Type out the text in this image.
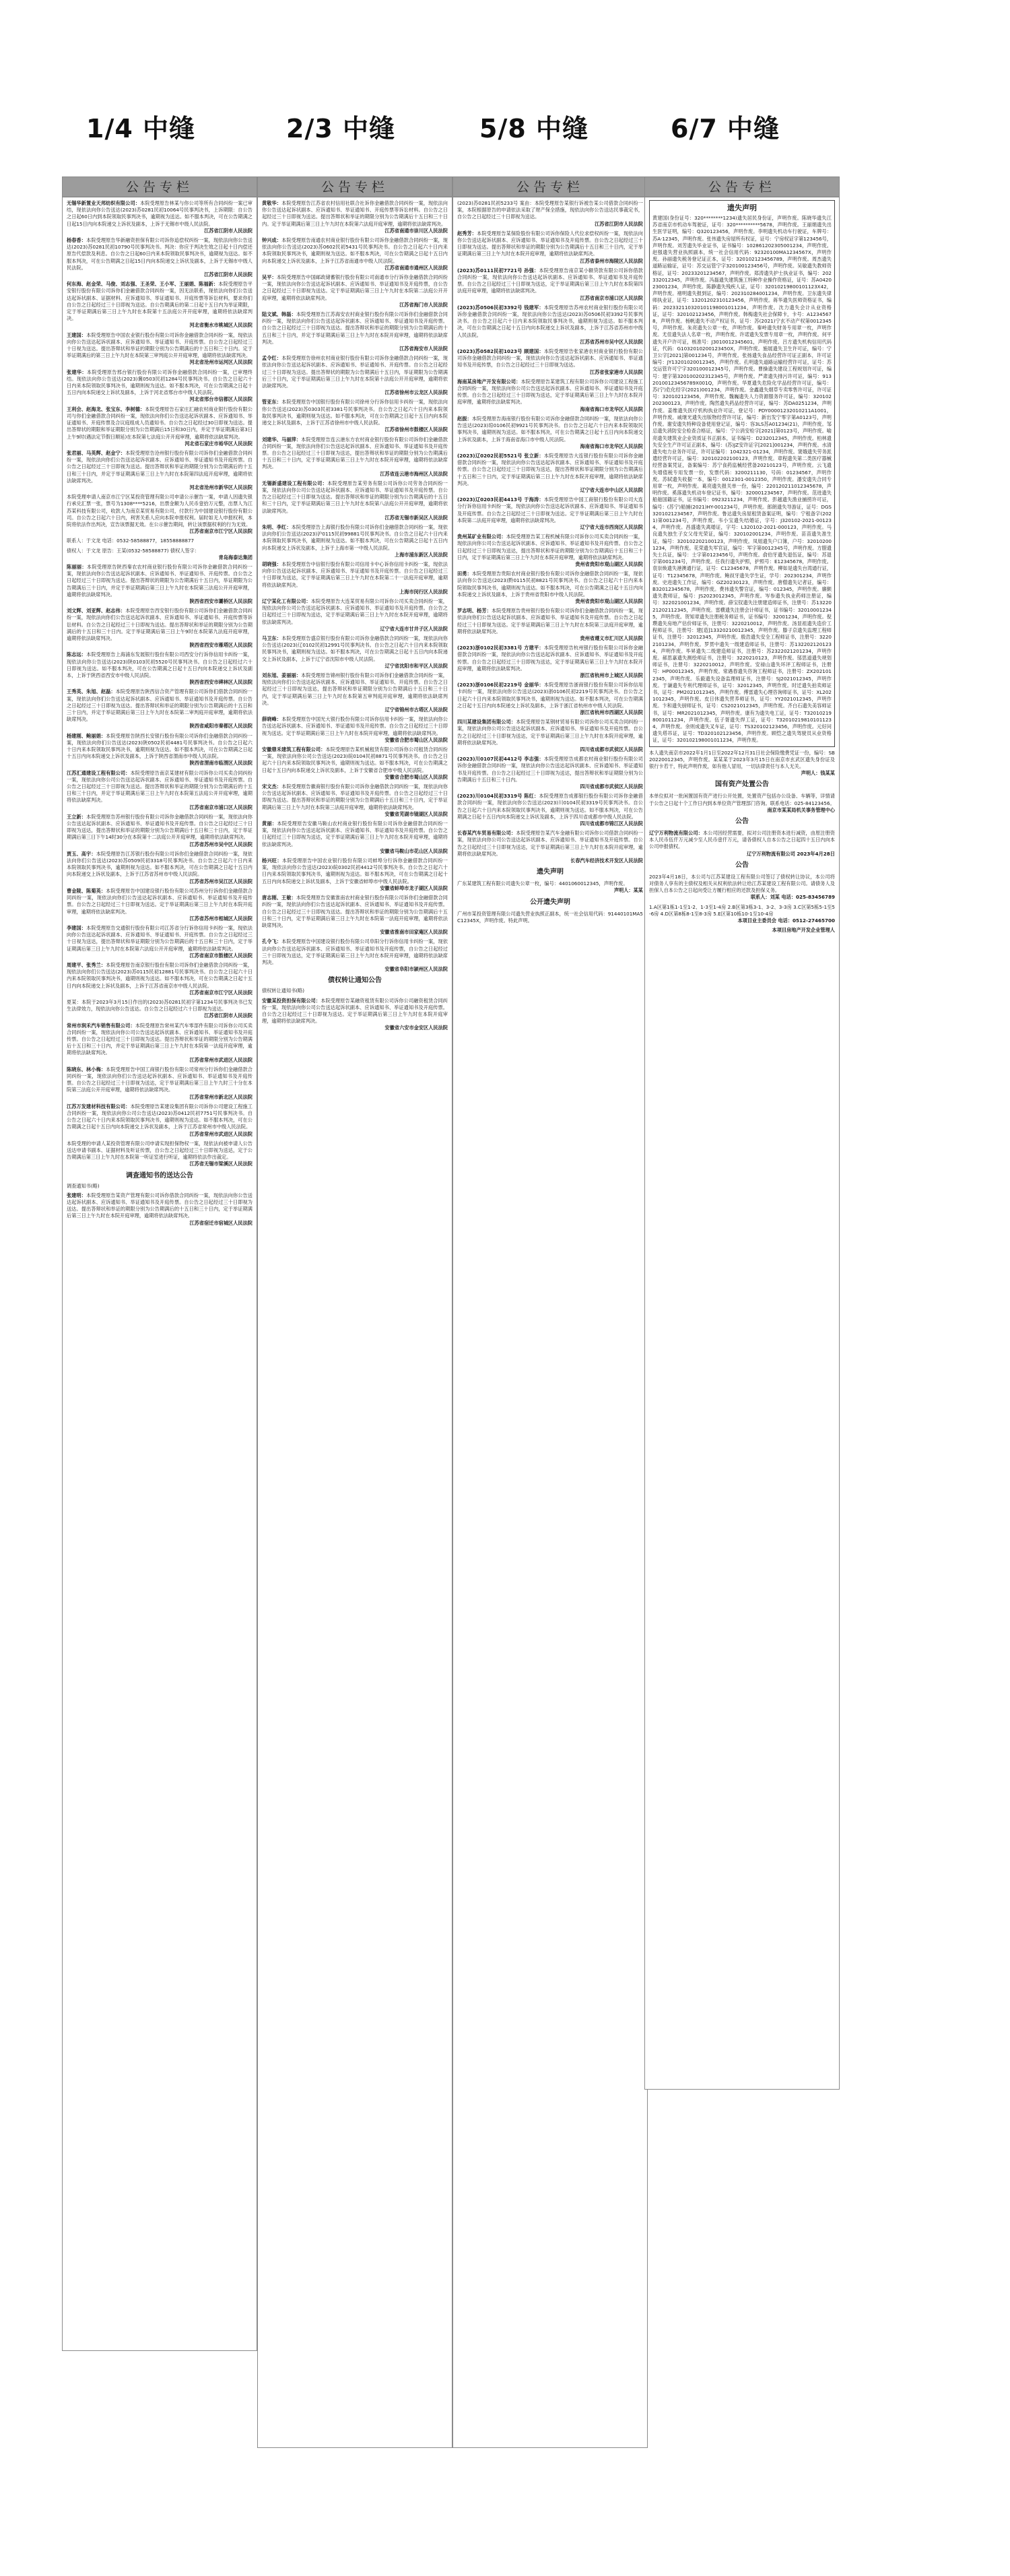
1/4 中缝	2/3 中缝	5/8 中缝	6/7 中缝
公告专栏
无锡华新置业天邦纺织有限公司：本院受理原告林某与你公司等所有合同纠纷一案已审结，现依法向你公告送达(2023)苏0281民初10064号民事判决书，上诉期限：自公告之日起60日内到本院领取民事判决书，逾期视为送达。如不服本判决，可在公告期满之日起15日内向本院递交上诉状及副本，上诉于无锡市中级人民法院。
江苏省江阴市人民法院
杨春香：本院受理原告华新融资担保有限公司诉你追偿权纠纷一案，现依法向你公告送达(2023)苏0281民初10790号民事判决书。判决：你应于判决生效之日起十日内偿还原告代偿款及利息。自公告之日起60日内来本院领取民事判决书，逾期视为送达。如不服本判决，可在公告期满之日起15日内向本院递交上诉状及副本，上诉于无锡市中级人民法院。
江苏省江阴市人民法院
何东海、赵金荣、马俊、刘志强、王圣荣、王小军、王丽娟、陈福新：本院受理原告平安银行股份有限公司诉你们金融借款合同纠纷一案，因无法联系，现依法向你们公告送达起诉状副本、证据材料、应诉通知书、举证通知书、开庭传票等诉讼材料，要求你们自公告之日起经过三十日即视为送达。自公告期满后的第二日起十五日内为举证期限，定于举证期满后第三日上午九时在本院第十五法庭公开开庭审理，逾期将依法缺席判决。
河北省衡水市桃城区人民法院
王建国：本院受理原告中国农业银行股份有限公司诉你金融借款合同纠纷一案，现依法向你公告送达起诉状副本、应诉通知书、举证通知书、开庭传票。自公告之日起经过三十日视为送达。提出答辩状和举证的期限分别为公告期满后的十五日和三十日内。定于举证期满后的第三日上午九时在本院第三审判庭公开开庭审理，逾期将依法缺席判决。
河北省沧州市运河区人民法院
张建华：本院受理原告邢台银行股份有限公司诉你金融借款合同纠纷一案，已审理终结。现依法向你公告送达(2023)冀0503民初1284号民事判决书。自公告之日起六十日内来本院领取民事判决书，逾期则视为送达。如不服本判决，可在公告期满之日起十五日内向本院递交上诉状及副本，上诉于河北省邢台市中级人民法院。
河北省邢台市信都区人民法院
王利会、赵海龙、张宝东、李树德：本院受理原告石家庄汇融农村商业银行股份有限公司与你们金融借款合同纠纷一案，现依法向你们公告送达起诉状副本、应诉通知书、举证通知书、开庭传票及合议庭组成人员通知书。自公告之日起经过30日即视为送达。提出答辩状的期限和举证期限分别为公告期满后15日和30日内，并定于举证期满后第3日上午9时(遇法定节假日顺延)在本院第七法庭公开开庭审理，逾期将依法缺席判决。
河北省石家庄市裕华区人民法院
张君丽、马英辉、赵金宁：本院受理原告沧州银行股份有限公司诉你们金融借款合同纠纷一案，现依法向你们公告送达起诉状副本、应诉通知书、举证通知书及开庭传票。自公告之日起经过三十日即视为送达。提出答辩状和举证的期限分别为公告期满后的十五日和三十日内，并定于举证期满后第三日上午九时在本院第四法庭开庭审理，逾期将依法缺席判决。
河北省沧州市新华区人民法院
本院受理申请人南京市江宁区某投资管理有限公司申请公示催告一案，申请人因遗失银行承兑汇票一张，票号为1308****5216，出票金额为人民币壹拾万元整，出票人为江苏某科技有限公司，收款人为南京某贸易有限公司，付款行为中国建设银行股份有限公司。自公告之日起六十日内，利害关系人应向本院申报权利。届时如无人申报权利，本院将依法作出判决，宣告该票据无效。在公示催告期间，转让该票据权利的行为无效。
江苏省南京市江宁区人民法院
联系人：于文龙 电话：0532-58588877，18558888877
债权人：于文龙 原告：王某(0532-58588877) 债权人签字：
青岛海泰达集团
陈丽丽：本院受理原告陕西秦农农村商业银行股份有限公司诉你金融借款合同纠纷一案，现依法向你公告送达起诉状副本、应诉通知书、举证通知书、开庭传票。自公告之日起经过三十日即视为送达。提出答辩状的期限为公告期满后十五日内，举证期限为公告期满后三十日内，并定于举证期满后第三日上午九时在本院第三法庭公开开庭审理，逾期将依法缺席判决。
陕西省西安市灞桥区人民法院
刘文辉、刘亚辉、赵志伟：本院受理原告西安银行股份有限公司诉你们金融借款合同纠纷一案，现依法向你们公告送达起诉状副本、应诉通知书、举证通知书、开庭传票等诉讼材料。自公告之日起经过三十日即视为送达。提出答辩状和举证的期限分别为公告期满后的十五日和三十日内。定于举证期满后第三日上午9时在本院第九法庭开庭审理，逾期将依法缺席判决。
陕西省西安市雁塔区人民法院
陈志远：本院受理原告上海浦东发展银行股份有限公司西安分行诉你信用卡纠纷一案，现依法向你公告送达(2023)陕0103民初5520号民事判决书。自公告之日起经过六十日即视为送达。如不服本判决，可在公告期满之日起十五日内向本院递交上诉状及副本，上诉于陕西省西安市中级人民法院。
陕西省西安市碑林区人民法院
王秀英、朱旭、赵磊：本院受理原告陕西信合资产管理有限公司诉你们借款合同纠纷一案，现依法向你们公告送达起诉状副本、应诉通知书、举证通知书及开庭传票。自公告之日起经过三十日即视为送达。提出答辩状和举证的期限分别为公告期满后的十五日和三十日内，并定于举证期满后第三日上午九时在本院第二审判庭开庭审理，逾期将依法缺席判决。
陕西省咸阳市秦都区人民法院
杨建刚、鲍丽娟：本院受理原告陕西长安银行股份有限公司诉你们金融借款合同纠纷一案，现依法向你们公告送达(2023)陕0502民初4481号民事判决书。自公告之日起六十日内来本院领取民事判决书，逾期则视为送达。如不服本判决，可在公告期满之日起十五日内向本院递交上诉状及副本，上诉于陕西省渭南市中级人民法院。
陕西省渭南市临渭区人民法院
江苏汇通建设工程有限公司：本院受理原告南京某建材有限公司诉你公司买卖合同纠纷一案，现依法向你公司公告送达起诉状副本、应诉通知书、举证通知书及开庭传票。自公告之日起经过三十日即视为送达。提出答辩状和举证的期限分别为公告期满后的十五日和三十日内，并定于举证期满后第三日上午九时在本院第五法庭公开开庭审理，逾期将依法缺席判决。
江苏省南京市浦口区人民法院
王立新：本院受理原告苏州银行股份有限公司诉你金融借款合同纠纷一案，现依法向你公告送达起诉状副本、应诉通知书、举证通知书及开庭传票。自公告之日起经过三十日即视为送达，提出答辩状和举证的期限分别为公告期满后十五日和三十日内，定于举证期满后第三日下午14时30分在本院第十二法庭公开开庭审理，逾期将依法缺席判决。
江苏省苏州市吴中区人民法院
贾玉、高宇：本院受理原告江苏银行股份有限公司诉你们金融借款合同纠纷一案，现依法向你们公告送达(2023)苏0509民初3318号民事判决书。自公告之日起六十日内来本院领取民事判决书，逾期则视为送达。如不服本判决，可在公告期满之日起十五日内向本院递交上诉状及副本，上诉于江苏省苏州市中级人民法院。
江苏省苏州市吴江区人民法院
曹金陵、陈菊英：本院受理原告中国建设银行股份有限公司苏州分行诉你们金融借款合同纠纷一案，现依法向你们公告送达起诉状副本、应诉通知书、举证通知书及开庭传票。自公告之日起经过三十日即视为送达。定于举证期满后第三日上午九时在本院开庭审理，逾期将依法缺席判决。
江苏省苏州市相城区人民法院
李建国：本院受理原告交通银行股份有限公司江苏省分行诉你信用卡纠纷一案，现依法向你公告送达起诉状副本、应诉通知书、举证通知书、开庭传票。自公告之日起经过三十日视为送达，提出答辩状和举证期限分别为公告期满后的十五日和三十日内，定于举证期满后第三日上午九时在本院第六法庭公开开庭审理，逾期将依法缺席判决。
江苏省南京市鼓楼区人民法院
周建平、张秀兰：本院受理原告南京银行股份有限公司诉你们金融借款合同纠纷一案，现依法向你们公告送达(2023)苏0115民初12881号民事判决书。自公告之日起六十日内来本院领取民事判决书，逾期则视为送达。如不服本判决，可在公告期满之日起十五日内向本院递交上诉状及副本，上诉于江苏省南京市中级人民法院。
江苏省南京市江宁区人民法院
夏某：本院于2023年3月15日作出的(2023)苏0281民初字第1234号民事判决书已发生法律效力，现依法向你公告送达。自公告之日起经过六十日即视为送达。
江苏省江阴市人民法院
常州市润禾汽车销售有限公司：本院受理原告常州某汽车零部件有限公司诉你公司买卖合同纠纷一案，现依法向你公司公告送达起诉状副本、应诉通知书、举证通知书及开庭传票。自公告之日起经过三十日即视为送达。提出答辩状和举证的期限分别为公告期满后十五日和三十日内，并定于举证期满后第三日上午九时在本院第一法庭开庭审理，逾期将依法缺席判决。
江苏省常州市武进区人民法院
陈晓东、林小梅：本院受理原告中国工商银行股份有限公司常州分行诉你们金融借款合同纠纷一案，现依法向你们公告送达起诉状副本、应诉通知书、举证通知书及开庭传票。自公告之日起经过三十日即视为送达，定于举证期满后第三日上午九时三十分在本院第三法庭公开开庭审理，逾期将依法缺席判决。
江苏省常州市新北区人民法院
江苏万发建材科技有限公司：本院受理原告某建设集团有限公司诉你公司建设工程施工合同纠纷一案，现依法向你公司公告送达(2023)苏0412民初7751号民事判决书。自公告之日起六十日内来本院领取民事判决书，逾期则视为送达。如不服本判决，可在公告期满之日起十五日内向本院递交上诉状及副本，上诉于江苏省常州市中级人民法院。
江苏省常州市武进区人民法院
本院受理的申请人某投资管理有限公司申请实现担保物权一案，现依法向被申请人公告送达申请书副本、证据材料及听证传票，自公告之日起经过三十日即视为送达，定于公告期满后第三日上午九时在本院第一听证室进行听证，逾期将依法作出裁定。
江苏省无锡市梁溪区人民法院
调查通知书的送达公告
调查通知书(略)
张建明：本院受理原告某资产管理有限公司诉你借款合同纠纷一案，现依法向你公告送达起诉状副本、应诉通知书、举证通知书及开庭传票。自公告之日起经过三十日即视为送达。提出答辩状和举证的期限分别为公告期满后的十五日和三十日内，定于举证期满后第三日上午九时在本院开庭审理，逾期将依法缺席判决。
江苏省宿迁市宿城区人民法院
公告专栏
黄敬华：本院受理原告江苏省农村信用社联合社诉你金融借款合同纠纷一案，现依法向你公告送达起诉状副本、应诉通知书、举证通知书、开庭传票等诉讼材料。自公告之日起经过三十日即视为送达。提出答辩状和举证的期限分别为公告期满后十五日和三十日内。定于举证期满后第三日上午九时在本院第六法庭开庭审理，逾期将依法缺席判决。
江苏省南通市崇川区人民法院
钟兴成：本院受理原告南通农村商业银行股份有限公司诉你金融借款合同纠纷一案，现依法向你公告送达(2023)苏0602民初5431号民事判决书。自公告之日起六十日内来本院领取民事判决书，逾期则视为送达。如不服本判决，可在公告期满之日起十五日内向本院递交上诉状及副本，上诉于江苏省南通市中级人民法院。
江苏省南通市通州区人民法院
吴平：本院受理原告中国邮政储蓄银行股份有限公司南通市分行诉你金融借款合同纠纷一案，现依法向你公告送达起诉状副本、应诉通知书、举证通知书及开庭传票，自公告之日起经过三十日即视为送达。定于举证期满后第三日上午九时在本院第二法庭公开开庭审理，逾期将依法缺席判决。
江苏省海门市人民法院
陆文斌、韩磊：本院受理原告江苏海安农村商业银行股份有限公司诉你们金融借款合同纠纷一案，现依法向你们公告送达起诉状副本、应诉通知书、举证通知书及开庭传票。自公告之日起经过三十日即视为送达。提出答辩状和举证的期限分别为公告期满后的十五日和三十日内，并定于举证期满后第三日上午九时在本院开庭审理，逾期将依法缺席判决。
江苏省海安市人民法院
孟令红：本院受理原告徐州农村商业银行股份有限公司诉你金融借款合同纠纷一案，现依法向你公告送达起诉状副本、应诉通知书、举证通知书、开庭传票。自公告之日起经过三十日即视为送达。提出答辩状的期限为公告期满后十五日内，举证期限为公告期满后三十日内，定于举证期满后第三日上午九时在本院第十法庭公开开庭审理，逾期将依法缺席判决。
江苏省徐州市云龙区人民法院
管亚东：本院受理原告中国银行股份有限公司徐州分行诉你信用卡纠纷一案，现依法向你公告送达(2023)苏0303民初3381号民事判决书。自公告之日起六十日内来本院领取民事判决书，逾期则视为送达。如不服本判决，可在公告期满之日起十五日内向本院递交上诉状及副本，上诉于江苏省徐州市中级人民法院。
江苏省徐州市鼓楼区人民法院
刘建华、马丽萍：本院受理原告连云港东方农村商业银行股份有限公司诉你们金融借款合同纠纷一案，现依法向你们公告送达起诉状副本、应诉通知书、举证通知书及开庭传票。自公告之日起经过三十日即视为送达，提出答辩状和举证的期限分别为公告期满后十五日和三十日内，定于举证期满后第三日上午九时在本院开庭审理，逾期将依法缺席判决。
江苏省连云港市海州区人民法院
无锡新盛建设工程有限公司：本院受理原告某劳务有限公司诉你公司劳务合同纠纷一案，现依法向你公司公告送达起诉状副本、应诉通知书、举证通知书及开庭传票。自公告之日起经过三十日即视为送达。提出答辩状和举证的期限分别为公告期满后的十五日和三十日内，定于举证期满后第三日上午九时在本院第八法庭公开开庭审理，逾期将依法缺席判决。
江苏省无锡市新吴区人民法院
朱明、李红：本院受理原告上海银行股份有限公司诉你们金融借款合同纠纷一案，现依法向你们公告送达(2023)沪0115民初99881号民事判决书。自公告之日起六十日内来本院领取民事判决书，逾期则视为送达。如不服本判决，可在公告期满之日起十五日内向本院递交上诉状及副本，上诉于上海市第一中级人民法院。
上海市浦东新区人民法院
胡晓强：本院受理原告中信银行股份有限公司信用卡中心诉你信用卡纠纷一案，现依法向你公告送达起诉状副本、应诉通知书、举证通知书及开庭传票。自公告之日起经过三十日即视为送达，定于举证期满后第三日上午九时在本院第二十一法庭开庭审理，逾期将依法缺席判决。
上海市闵行区人民法院
辽宁某化工有限公司：本院受理原告大连某贸易有限公司诉你公司买卖合同纠纷一案，现依法向你公司公告送达起诉状副本、应诉通知书、举证通知书及开庭传票。自公告之日起经过三十日即视为送达，定于举证期满后第三日上午九时在本院开庭审理，逾期将依法缺席判决。
辽宁省大连市甘井子区人民法院
马卫东：本院受理原告盛京银行股份有限公司诉你金融借款合同纠纷一案，现依法向你公告送达(2023)辽0102民初12991号民事判决书。自公告之日起六十日内来本院领取民事判决书，逾期则视为送达。如不服本判决，可在公告期满之日起十五日内向本院递交上诉状及副本，上诉于辽宁省沈阳市中级人民法院。
辽宁省沈阳市和平区人民法院
刘东旭、姜丽丽：本院受理原告锦州银行股份有限公司诉你们金融借款合同纠纷一案，现依法向你们公告送达起诉状副本、应诉通知书、举证通知书、开庭传票。自公告之日起经过三十日即视为送达，提出答辩状和举证期限分别为公告期满后十五日和三十日内，定于举证期满后第三日上午九时在本院第五审判庭开庭审理，逾期将依法缺席判决。
辽宁省锦州市古塔区人民法院
薛晓峰：本院受理原告中国光大银行股份有限公司诉你信用卡纠纷一案，现依法向你公告送达起诉状副本、应诉通知书、举证通知书及开庭传票。自公告之日起经过三十日即视为送达。定于举证期满后第三日上午九时在本院开庭审理，逾期将依法缺席判决。
安徽省合肥市蜀山区人民法院
安徽鼎禾建筑工程有限公司：本院受理原告某机械租赁有限公司诉你公司租赁合同纠纷一案，现依法向你公司公告送达(2023)皖0104民初8871号民事判决书。自公告之日起六十日内来本院领取民事判决书，逾期则视为送达。如不服本判决，可在公告期满之日起十五日内向本院递交上诉状及副本，上诉于安徽省合肥市中级人民法院。
安徽省合肥市蜀山区人民法院
宋文杰：本院受理原告徽商银行股份有限公司诉你金融借款合同纠纷一案，现依法向你公告送达起诉状副本、应诉通知书、举证通知书及开庭传票。自公告之日起经过三十日即视为送达。提出答辩状和举证的期限分别为公告期满后十五日和三十日内，定于举证期满后第三日上午九时在本院第三法庭开庭审理，逾期将依法缺席判决。
安徽省芜湖市镜湖区人民法院
黄丽：本院受理原告安徽马鞍山农村商业银行股份有限公司诉你金融借款合同纠纷一案，现依法向你公告送达起诉状副本、应诉通知书、举证通知书及开庭传票。自公告之日起经过三十日即视为送达，定于举证期满后第三日上午九时在本院开庭审理，逾期将依法缺席判决。
安徽省马鞍山市花山区人民法院
杨兴旺：本院受理原告中国农业银行股份有限公司蚌埠分行诉你金融借款合同纠纷一案，现依法向你公告送达(2023)皖0302民初4412号民事判决书。自公告之日起六十日内来本院领取民事判决书，逾期则视为送达。如不服本判决，可在公告期满之日起十五日内向本院递交上诉状及副本，上诉于安徽省蚌埠市中级人民法院。
安徽省蚌埠市龙子湖区人民法院
唐志刚、王敏：本院受理原告安徽淮南农村商业银行股份有限公司诉你们金融借款合同纠纷一案，现依法向你们公告送达起诉状副本、应诉通知书、举证通知书及开庭传票。自公告之日起经过三十日即视为送达。提出答辩状和举证的期限分别为公告期满后十五日和三十日内，定于举证期满后第三日上午九时在本院第一法庭开庭审理，逾期将依法缺席判决。
安徽省淮南市田家庵区人民法院
孔令飞：本院受理原告中国建设银行股份有限公司阜阳分行诉你信用卡纠纷一案，现依法向你公告送达起诉状副本、应诉通知书、举证通知书及开庭传票，自公告之日起经过三十日即视为送达，定于举证期满后第三日上午九时在本院开庭审理，逾期将依法缺席判决。
安徽省阜阳市颍州区人民法院
债权转让通知公告
债权转让通知书(略)
安徽某投资担保有限公司：本院受理原告某融资租赁有限公司诉你公司融资租赁合同纠纷一案，现依法向你公司公告送达起诉状副本、应诉通知书、举证通知书及开庭传票。自公告之日起经过三十日即视为送达。定于举证期满后第三日上午九时在本院开庭审理，逾期将依法缺席判决。
安徽省六安市金安区人民法院
公告专栏
(2023)苏0281民初5233号 案由：本院受理原告某银行诉被告某公司借款合同纠纷一案，本院根据原告的申请依法采取了财产保全措施，现依法向你公告送达民事裁定书，自公告之日起经过三十日即视为送达。
江苏省江阴市人民法院
赵秀芳：本院受理原告某保险股份有限公司诉你保险人代位求偿权纠纷一案，现依法向你公告送达起诉状副本、应诉通知书、举证通知书及开庭传票。自公告之日起经过三十日即视为送达。提出答辩状和举证的期限分别为公告期满后十五日和三十日内，定于举证期满后第三日上午九时在本院开庭审理，逾期将依法缺席判决。
江苏省泰州市海陵区人民法院
(2023)苏0111民初7721号 孙强：本院受理原告南京某小额贷款有限公司诉你借款合同纠纷一案，现依法向你公告送达起诉状副本、应诉通知书、举证通知书及开庭传票。自公告之日起经过三十日即视为送达，定于举证期满后第三日上午九时在本院第四法庭开庭审理，逾期将依法缺席判决。
江苏省南京市浦口区人民法院
(2023)苏0506民初3392号 钱建军：本院受理原告苏州农村商业银行股份有限公司诉你金融借款合同纠纷一案，现依法向你公告送达(2023)苏0506民初3392号民事判决书。自公告之日起六十日内来本院领取民事判决书，逾期则视为送达。如不服本判决，可在公告期满之日起十五日内向本院递交上诉状及副本，上诉于江苏省苏州市中级人民法院。
江苏省苏州市吴中区人民法院
(2023)苏0582民初1023号 顾建国：本院受理原告张家港农村商业银行股份有限公司诉你金融借款合同纠纷一案，现依法向你公告送达起诉状副本、应诉通知书、举证通知书及开庭传票，自公告之日起经过三十日即视为送达。
江苏省张家港市人民法院
海南某房地产开发有限公司：本院受理原告某建筑工程有限公司诉你公司建设工程施工合同纠纷一案，现依法向你公司公告送达起诉状副本、应诉通知书、举证通知书及开庭传票。自公告之日起经过三十日即视为送达，定于举证期满后第三日上午九时在本院开庭审理，逾期将依法缺席判决。
海南省海口市龙华区人民法院
赵振：本院受理原告海南银行股份有限公司诉你金融借款合同纠纷一案，现依法向你公告送达(2023)琼0106民初9921号民事判决书。自公告之日起六十日内来本院领取民事判决书，逾期则视为送达。如不服本判决，可在公告期满之日起十五日内向本院递交上诉状及副本，上诉于海南省海口市中级人民法院。
海南省海口市龙华区人民法院
(2023)辽0202民初5521号 张立新：本院受理原告大连银行股份有限公司诉你金融借款合同纠纷一案，现依法向你公告送达起诉状副本、应诉通知书、举证通知书及开庭传票。自公告之日起经过三十日即视为送达，提出答辩状和举证期限分别为公告期满后十五日和三十日内，定于举证期满后第三日上午九时在本院开庭审理，逾期将依法缺席判决。
辽宁省大连市中山区人民法院
(2023)辽0203民初4413号 于海涛：本院受理原告中国工商银行股份有限公司大连分行诉你信用卡纠纷一案，现依法向你公告送达起诉状副本、应诉通知书、举证通知书及开庭传票。自公告之日起经过三十日即视为送达。定于举证期满后第三日上午九时在本院第二法庭开庭审理，逾期将依法缺席判决。
辽宁省大连市西岗区人民法院
贵州某矿业有限公司：本院受理原告某工程机械有限公司诉你公司买卖合同纠纷一案，现依法向你公司公告送达起诉状副本、应诉通知书、举证通知书及开庭传票。自公告之日起经过三十日即视为送达，提出答辩状和举证的期限分别为公告期满后十五日和三十日内，定于举证期满后第三日上午九时在本院开庭审理，逾期将依法缺席判决。
贵州省贵阳市观山湖区人民法院
田勇：本院受理原告贵阳农村商业银行股份有限公司诉你金融借款合同纠纷一案，现依法向你公告送达(2023)黔0115民初8821号民事判决书。自公告之日起六十日内来本院领取民事判决书，逾期则视为送达。如不服本判决，可在公告期满之日起十五日内向本院递交上诉状及副本，上诉于贵州省贵阳市中级人民法院。
贵州省贵阳市观山湖区人民法院
罗志明、杨芳：本院受理原告贵州银行股份有限公司诉你们金融借款合同纠纷一案，现依法向你们公告送达起诉状副本、应诉通知书、举证通知书及开庭传票。自公告之日起经过三十日即视为送达。定于举证期满后第三日上午九时在本院第三法庭开庭审理，逾期将依法缺席判决。
贵州省遵义市汇川区人民法院
(2023)浙0102民初3381号 方建平：本院受理原告杭州银行股份有限公司诉你金融借款合同纠纷一案，现依法向你公告送达起诉状副本、应诉通知书、举证通知书及开庭传票。自公告之日起经过三十日即视为送达，定于举证期满后第三日上午九时在本院开庭审理，逾期将依法缺席判决。
浙江省杭州市上城区人民法院
(2023)浙0106民初2219号 金丽华：本院受理原告浙商银行股份有限公司诉你信用卡纠纷一案，现依法向你公告送达(2023)浙0106民初2219号民事判决书。自公告之日起六十日内来本院领取民事判决书，逾期则视为送达。如不服本判决，可在公告期满之日起十五日内向本院递交上诉状及副本，上诉于浙江省杭州市中级人民法院。
浙江省杭州市西湖区人民法院
四川某建设集团有限公司：本院受理原告某钢材贸易有限公司诉你公司买卖合同纠纷一案，现依法向你公司公告送达起诉状副本、应诉通知书、举证通知书及开庭传票。自公告之日起经过三十日即视为送达，定于举证期满后第三日上午九时在本院开庭审理，逾期将依法缺席判决。
四川省成都市武侯区人民法院
(2023)川0107民初4412号 李志强：本院受理原告成都农村商业银行股份有限公司诉你金融借款合同纠纷一案，现依法向你公告送达起诉状副本、应诉通知书、举证通知书及开庭传票。自公告之日起经过三十日即视为送达，提出答辩状和举证期限分别为公告期满后十五日和三十日内。
四川省成都市武侯区人民法院
(2023)川0104民初3319号 陈红：本院受理原告成都银行股份有限公司诉你金融借款合同纠纷一案，现依法向你公告送达(2023)川0104民初3319号民事判决书。自公告之日起六十日内来本院领取民事判决书，逾期则视为送达。如不服本判决，可在公告期满之日起十五日内向本院递交上诉状及副本，上诉于四川省成都市中级人民法院。
四川省成都市锦江区人民法院
长春某汽车贸易有限公司：本院受理原告某汽车金融有限公司诉你公司借款合同纠纷一案，现依法向你公司公告送达起诉状副本、应诉通知书、举证通知书及开庭传票。自公告之日起经过三十日即视为送达，定于举证期满后第三日上午九时在本院开庭审理，逾期将依法缺席判决。
长春汽车经济技术开发区人民法院
遗失声明
广东某建筑工程有限公司遗失公章一枚，编号：4401060012345，声明作废。
声明人：某某
公开遗失声明
广州市某投资管理有限公司遗失营业执照正副本，统一社会信用代码：91440101MA5C12345X，声明作废。特此声明。
公告专栏
遗失声明
黄建国(身份证号：320********1234)遗失居民身份证，声明作废。陈晓华遗失江苏省南京市机动车驾驶证，证号：320**********5678，声明作废。王丽娟遗失出生医学证明，编号：Q320123456，声明作废。李明遗失机动车行驶证，车牌号：苏A·12345，声明作废。张伟遗失房屋所有权证，证号：宁房权证字第123456号，声明作废。刘芳遗失毕业证书，证书编号：102861202305001234，声明作废。赵强遗失营业执照副本，统一社会信用代码：92320100MA1234567X，声明作废。孙丽遗失税务登记证正本，证号：320102123456789，声明作废。周杰遗失道路运输证，证号：苏交运管宁字320100123456号，声明作废。吴敏遗失教师资格证，证号：20233201234567，声明作废。郑涛遗失护士执业证书，编号：202332012345，声明作废。冯磊遗失建筑施工特种作业操作资格证，证号：苏A042023001234，声明作废。陈静遗失残疾人证，证号：32010219800101123X42，声明作废。褚明遗失报到证，编号：202310284001234，声明作废。卫东遗失律师执业证，证号：13201202310123456，声明作废。蒋华遗失医师资格证书，编码：202332110320101198001011234，声明作废。沈力遗失会计从业资格证，证号：320102123456，声明作废。韩梅遗失社会保障卡，卡号：A12345678，声明作废。杨帆遗失不动产权证书，证号：苏(2021)宁玄不动产权第0012345号，声明作废。朱亮遗失公章一枚，声明作废。秦岭遗失财务专用章一枚，声明作废。尤佳遗失法人名章一枚，声明作废。许诺遗失发票专用章一枚，声明作废。何平遗失开户许可证，核准号：J3010012345601，声明作废。吕方遗失机构信用代码证，代码：G1032010200123450X，声明作废。施展遗失卫生许可证，编号：宁卫公字[2021]第001234号，声明作废。张扬遗失食品经营许可证正副本，许可证编号：JY13201020012345，声明作废。孔明遗失道路运输经营许可证，证号：苏交运管许可宁字320100012345号，声明作废。曹操遗失建设工程规划许可证，编号：建字第320100202312345号，声明作废。严肃遗失排污许可证，编号：91320100123456789X001Q，声明作废。华夏遗失危险化学品经营许可证，编号：苏(宁)危化经字(2021)001234，声明作废。金鑫遗失烟草专卖零售许可证，许可证号：320102123456，声明作废。魏巍遗失人力资源服务许可证，编号：320102202300123，声明作废。陶然遗失药品经营许可证，编号：苏DA0251234，声明作废。姜维遗失医疗机构执业许可证，登记号：PDY00001232010211A1001，声明作废。戚继光遗失出版物经营许可证，编号：新出发宁零字第A0123号，声明作废。谢安遗失特种设备使用登记证，编号：容3LS苏A01234(21)，声明作废。邹忌遗失消防安全检查合格证，编号：宁公消安检字[2021]第0123号，声明作废。喻亮遗失建筑业企业资质证书正副本，证书编号：D232012345，声明作废。柏林遗失安全生产许可证正副本，编号：(苏)JZ安许证字[2021]001234，声明作废。水清遗失电力业务许可证，许可证编号：1042321-01234，声明作废。窦娥遗失劳务派遣经营许可证，编号：320102202100123，声明作废。章程遗失第二类医疗器械经营备案凭证，备案编号：苏宁食药监械经营备20210123号，声明作废。云飞遗失增值税专用发票一份，发票代码：3200211130，号码：01234567，声明作废。苏轼遗失收据一本，编号：0012301-0012350，声明作废。潘安遗失合同专用章一枚，声明作废。葛亮遗失报关单一份，编号：220120211012345678，声明作废。奚落遗失机动车登记证书，编号：320001234567，声明作废。范进遗失船舶国籍证书，证书编号：0923211234，声明作废。彭越遗失渔业捕捞许可证，编号：(苏宁)船捕(2021)HY-001234号，声明作废。郎朗遗失导游证，证号：DGS3201021234567，声明作废。鲁达遗失房屋租赁备案证明，编号：宁租备字(2021)第001234号，声明作废。韦小宝遗失结婚证，字号：J320102-2021-001234，声明作废。昌盛遗失离婚证，字号：L320102-2021-000123，声明作废。马良遗失独生子女父母光荣证，编号：320102001234，声明作废。苗苗遗失准生证，编号：320102202100123，声明作废。凤姐遗失户口簿，户号：320102001234，声明作废。花荣遗失军官证，编号：军字第0012345号，声明作废。方腊遗失士兵证，编号：士字第0123456号，声明作废。俞伯牙遗失退伍证，编号：苏退字第001234号，声明作废。任我行遗失护照，护照号：E12345678，声明作废。袁崇焕遗失港澳通行证，证号：C12345678，声明作废。柳如是遗失台湾通行证，证号：T12345678，声明作废。鲍叔牙遗失学生证，学号：202301234，声明作废。史进遗失工作证，编号：GZ20230123，声明作废。唐僧遗失记者证，编号：B32012345678，声明作废。费祎遗失警官证，编号：012345，声明作废。廉颇遗失教师证，编号：JS2023012345，声明作废。岑参遗失执业药师注册证，编号：322021001234，声明作废。薛宝钗遗失注册建造师证书，注册号：苏1322021202112345，声明作废。雷横遗失注册会计师证书，证书编号：320100012345，声明作废。贺知章遗失注册税务师证书，证书编号：32001234，声明作废。倪瓒遗失房地产估价师证书，注册号：3220210012，声明作废。汤显祖遗失造价工程师证书，注册号：建[造]13320210012345，声明作废。滕子京遗失监理工程师证书，注册号：32012345，声明作废。殷浩遗失安全工程师证书，注册号：32202101234，声明作废。罗贯中遗失一级建造师证书，注册号：苏1322021201234，声明作废。毕昇遗失二级建造师证书，注册号：苏2322021201234，声明作废。郝思嘉遗失测绘师证书，注册号：3220210123，声明作废。邬思道遗失规划师证书，注册号：3220210012，声明作废。安禄山遗失环评工程师证书，注册号：HP00012345，声明作废。常遇春遗失咨询工程师证书，注册号：ZX2021012345，声明作废。乐毅遗失设备监理师证书，注册号：SJ2021012345，声明作废。于谦遗失专利代理师证书，证号：32012345，声明作废。时迁遗失拍卖师证书，证号：PM2021012345，声明作废。傅雷遗失心理咨询师证书，证号：XL2021012345，声明作废。皮日休遗失营养师证书，证号：YY2021012345，声明作废。卞和遗失厨师证书，证号：CS2021012345，声明作废。齐白石遗失美容师证书，证号：MR2021012345，声明作废。康有为遗失电工证，证号：T320102198001011234，声明作废。伍子胥遗失焊工证，证号：T320102198101011234，声明作废。余则成遗失叉车证，证号：TS320102123456，声明作废。元好问遗失塔吊证，证号：TD320102123456，声明作废。顾恺之遗失驾驶员从业资格证，证号：320102198001011234，声明作废。
本人遗失南京市2022年1月1日至2022年12月31日社会保险缴费凭证一份，编号：SB20220012345，声明作废。某某某于2023年3月15日在南京市玄武区遗失身份证及银行卡若干，特此声明作废，如有他人冒用，一切法律责任与本人无关。
声明人：钱某某
国有资产处置公告
本单位拟对一批闲置国有资产进行公开处置，处置资产包括办公设备、车辆等，详情请于公告之日起十个工作日内到本单位资产管理部门咨询。联系电话：025-84123456。
南京市某某局机关事务管理中心
公告
辽宁万利物流有限公司：本公司因经营需要，拟对公司注册资本进行减资，由原注册资本人民币伍仟万元减少至人民币壹仟万元，请各债权人自本公告之日起四十五日内向本公司申报债权。
辽宁万利物流有限公司 2023年4月28日
公告
2023年4月18日，本公司与江苏某建设工程有限公司签订了债权转让协议，本公司将对债务人享有的主债权及相关从权利依法转让给江苏某建设工程有限公司。请债务人及担保人自本公告之日起向受让方履行相应的还款及担保义务。
联系人：刘某 电话：025-83456789
1.A区第1栋1-1至1-2、1-3至1-4房 2.B区第3栋3-1、3-2、3-3房 3.C区第5栋5-1至5-6房 4.D区第8栋8-1至8-3房 5.E区第10栋10-1至10-4房
本项目业主委员会 电话：0512-27465700
本项目房地产开发企业管理人
